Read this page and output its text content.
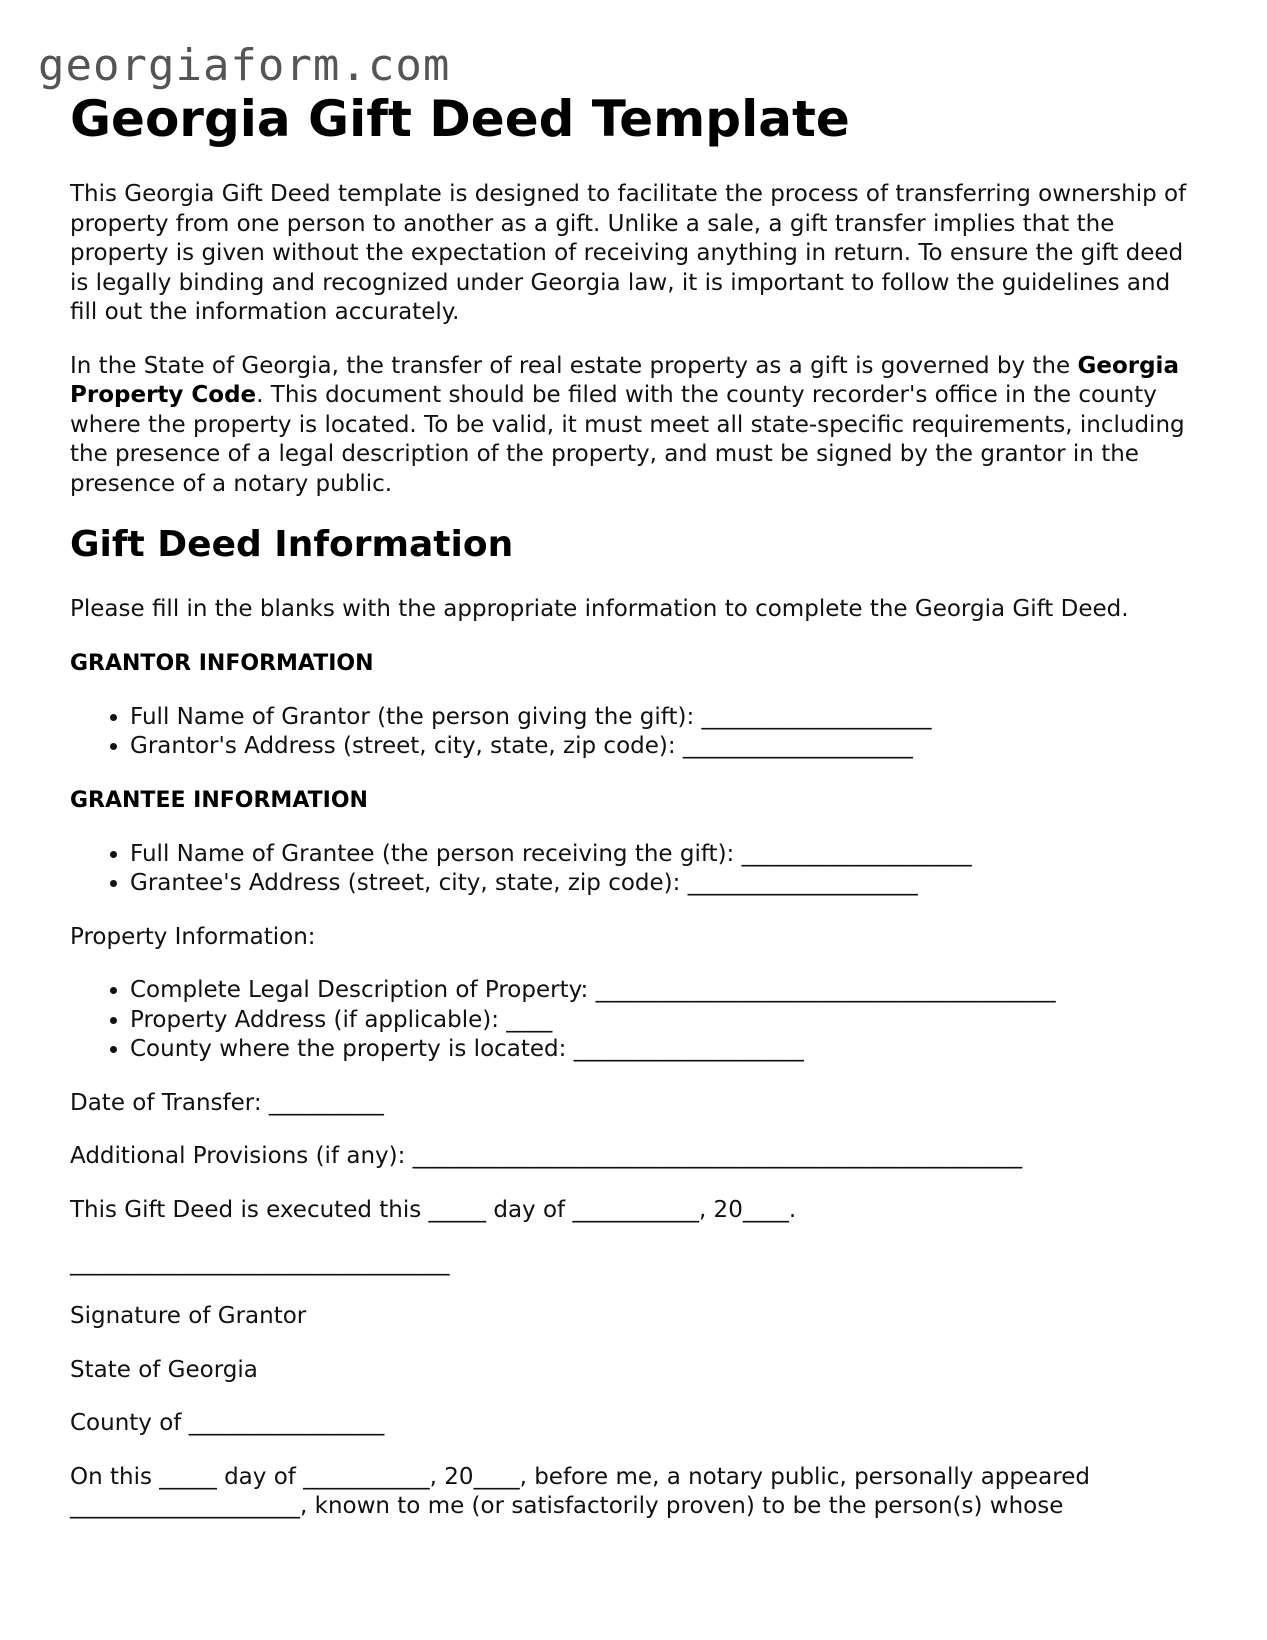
georgiaform.com
Georgia Gift Deed Template

This Georgia Gift Deed template is designed to facilitate the process of transferring ownership of property from one person to another as a gift. Unlike a sale, a gift transfer implies that the property is given without the expectation of receiving anything in return. To ensure the gift deed is legally binding and recognized under Georgia law, it is important to follow the guidelines and fill out the information accurately.

In the State of Georgia, the transfer of real estate property as a gift is governed by the Georgia Property Code. This document should be filed with the county recorder's office in the county where the property is located. To be valid, it must meet all state-specific requirements, including the presence of a legal description of the property, and must be signed by the grantor in the presence of a notary public.

Gift Deed Information

Please fill in the blanks with the appropriate information to complete the Georgia Gift Deed.

GRANTOR INFORMATION
• Full Name of Grantor (the person giving the gift): ____________________
• Grantor's Address (street, city, state, zip code): ____________________
GRANTEE INFORMATION
• Full Name of Grantee (the person receiving the gift): ____________________
• Grantee's Address (street, city, state, zip code): ____________________

Property Information:

• Complete Legal Description of Property: ________________________________________
• Property Address (if applicable): ____
• County where the property is located: ____________________

Date of Transfer: __________

Additional Provisions (if any): _____________________________________________________

This Gift Deed is executed this _____ day of ___________, 20____.

_________________________________

Signature of Grantor

State of Georgia

County of _________________

On this _____ day of ___________, 20____, before me, a notary public, personally appeared ____________________, known to me (or satisfactorily proven) to be the person(s) whose
